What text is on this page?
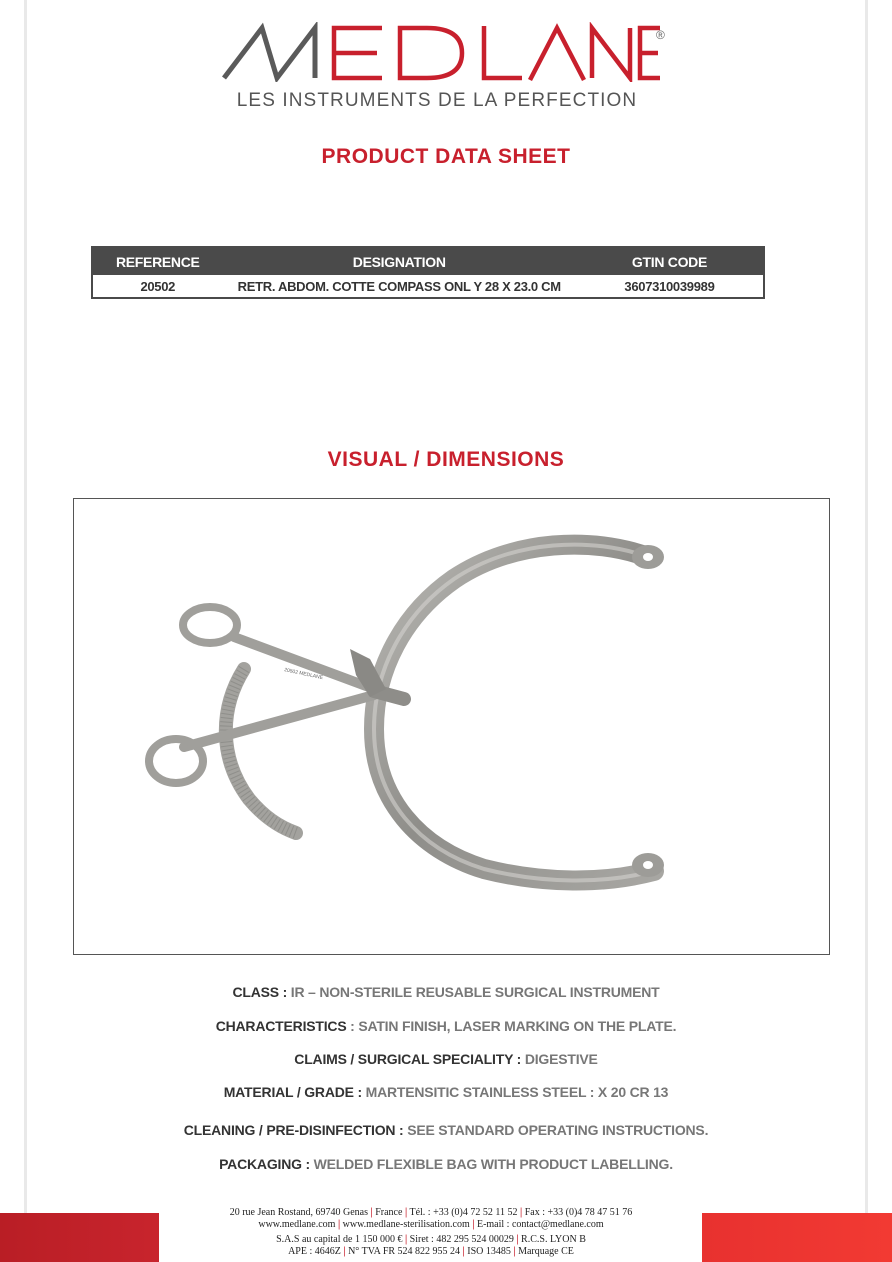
®
LES INSTRUMENTS DE LA PERFECTION
PRODUCT DATA SHEET
REFERENCE	DESIGNATION	GTIN CODE
20502	RETR. ABDOM. COTTE COMPASS ONL Y 28 X 23.0 CM	3607310039989
VISUAL / DIMENSIONS
20502 MEDLANE
CLASS : IR – NON-STERILE REUSABLE SURGICAL INSTRUMENT
CHARACTERISTICS : SATIN FINISH, LASER MARKING ON THE PLATE.
CLAIMS / SURGICAL SPECIALITY : DIGESTIVE
MATERIAL / GRADE : MARTENSITIC STAINLESS STEEL : X 20 CR 13
CLEANING / PRE-DISINFECTION : SEE STANDARD OPERATING INSTRUCTIONS.
PACKAGING : WELDED FLEXIBLE BAG WITH PRODUCT LABELLING.
20 rue Jean Rostand, 69740 Genas | France | Tél. : +33 (0)4 72 52 11 52 | Fax : +33 (0)4 78 47 51 76
www.medlane.com | www.medlane-sterilisation.com | E-mail : contact@medlane.com
S.A.S au capital de 1 150 000 € | Siret : 482 295 524 00029 | R.C.S. LYON B
APE : 4646Z | N° TVA FR 524 822 955 24 | ISO 13485 | Marquage CE
